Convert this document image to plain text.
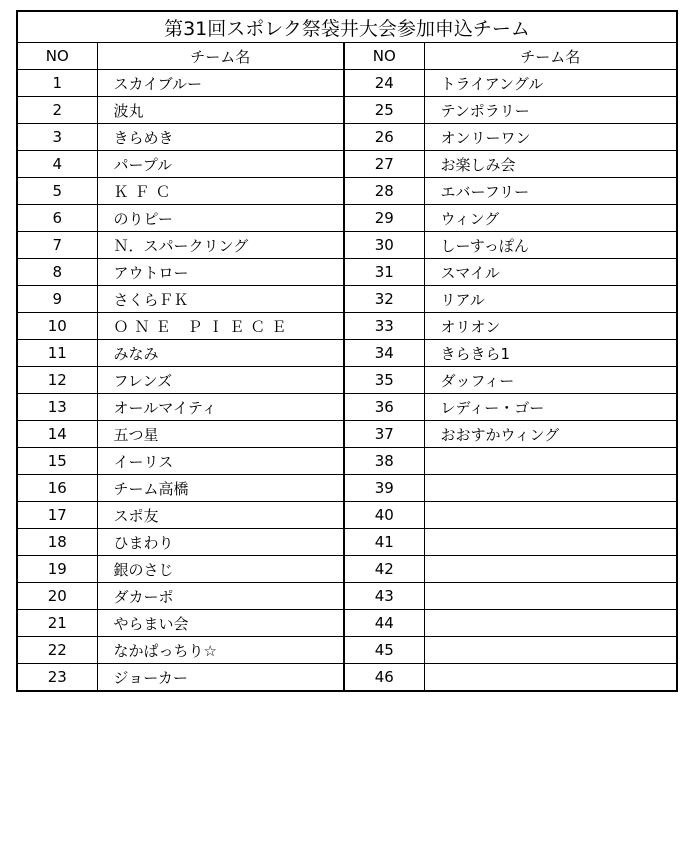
第31回スポレク祭袋井大会参加申込チーム			
NO	チーム名	NO	チーム名
1	スカイブルー	24	トライアングル
2	波丸	25	テンポラリー
3	きらめき	26	オンリーワン
4	パープル	27	お楽しみ会
5	ＫＦＣ	28	エバーフリー
6	のりピー	29	ウィング
7	Ｎ．スパークリング	30	しーすっぽん
8	アウトロー	31	スマイル
9	さくらＦＫ	32	リアル
10	ＯＮＥ ＰＩＥＣＥ	33	オリオン
11	みなみ	34	きらきら1
12	フレンズ	35	ダッフィー
13	オールマイティ	36	レディー・ゴー
14	五つ星	37	おおすかウィング
15	イーリス	38	
16	チーム高橋	39	
17	スポ友	40	
18	ひまわり	41	
19	銀のさじ	42	
20	ダカーポ	43	
21	やらまい会	44	
22	なかぱっちり☆	45	
23	ジョーカー	46	
